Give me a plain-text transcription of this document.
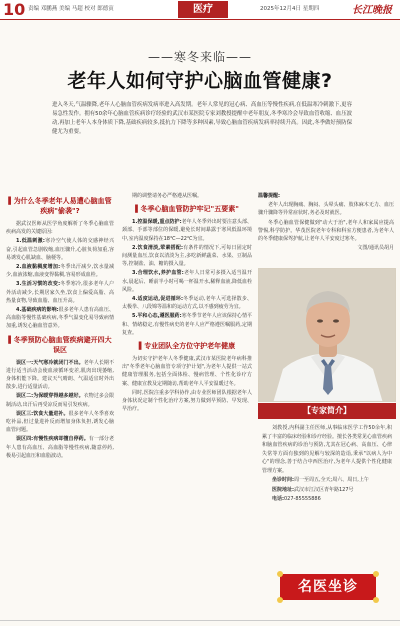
10 责编 邓鹏燕 美编 马超 校对 郎德寅	医疗	2025年12月4日 星期四	长江晚报
——寒冬来临——
老年人如何守护心脑血管健康?
进入冬天,气温骤降,老年人心脑血管疾病发病率进入高发期。老年人常见的冠心病、高血压等慢性疾病,在低温寒冷刺激下,更容易急性发作。拥有50余年心脑血管疾病诊疗经验的武汉市某医院专家刘教授提醒中老年朋友,冬季寒冷会导致血管收缩、血压波动,再加上老年人本身体质下降,基础疾病较多,抵抗力下降等多种因素,导致心脑血管疾病发病率持续升高。因此,冬季做好预防保健尤为重要。
▌为什么冬季老年人易遭心脑血管疾病"偷袭"?

据武汉医师从医学角度解析了冬季心脑血管疾病高发的关键原因:

1.低温刺激:寒冷空气使人体的交感神经兴奋,引起血管急剧收缩,血压骤升,心脏负荷加重,容易诱发心肌缺血、脑梗等。

2.血液黏稠度增加:冬季出汗减少,饮水量减少,血液浓缩,血液变得黏稠,容易形成血栓。

3.生活习惯的改变:冬季寒冷,很多老年人户外活动减少,长期居家久坐,饮食上偏爱高脂、高热量食物,导致血脂、血压升高。

4.基础疾病的影响:很多老年人患有高血压、高血脂等慢性基础疾病,冬季气温变化易导致病情加重,诱发心脑血管意外。

▌冬季预防心脑血管疾病避开四大误区

误区一:天气寒冷就闭门不出。老年人长期不进行适当活动会使血液循环变差,肌肉出现萎缩,身体机能下降。建议天气晴朗、气温适宜时外出散步,进行适量活动。

误区二:为保暖穿得越多越好。衣物过多会限制活动,出汗后再受凉反而易引发疾病。

误区三:饮食大量进补。很多老年人冬季喜欢吃补品,但过量进补反而增加身体负担,诱发心脑血管问题。

误区四:有慢性疾病却擅自停药。有一部分老年人患有高血压、高血脂等慢性疾病,随意停药,极易引起血压和血脂波动。

期的调整请务必严格遵从医嘱。

▌冬季心脑血管防护牢记"五要素"

1.控温保暖,重点防护:老年人冬季外出时要注意头部、颈部、手部等部位的保暖,避免长时间暴露于寒风低温环境中,室内温度保持在18℃—22℃为宜。

2.饮食清淡,荤素搭配:有条件的情况下,可每日固定时间测量血压,饮食以清淡为主,多吃新鲜蔬菜、水果、豆制品等,控制盐、油、糖的摄入量。

3.合理饮水,养护血管:老年人日常可多摄入适当温开水,晨起后、睡前半小时可喝一杯温开水,稀释血液,降低血栓风险。

4.适度运动,促进循环:冬季运动,老年人可选择散步、太极拳、八段锦等温和的运动方式,以不感到疲劳为宜。

5.平和心态,遵医服药:寒冬季节老年人应该保持心情平和、情绪稳定,有慢性病史的老年人应严格遵医嘱服药,定期复查。

▌专业团队全方位守护老年健康

为切实守护老年人冬季健康,武汉市某医院老年病科推出"冬季老年心脑血管专项守护计划",为老年人提供一站式健康管理服务,包括全面体检、慢病管理、个性化诊疗方案、健康宣教及定期随访,帮助老年人平安温暖过冬。

同时,医院注重多学科协作,由专业医师团队根据老年人身体状况定制个性化治疗方案,努力做到早预防、早发现、早治疗。

温馨提醒:

老年人出现胸痛、胸闷、头晕头痛、肢体麻木无力、血压骤升骤降等异常症状时,务必及时就医。

冬季心脑血管保健做到"动大于治",老年人和家属应提高警惕,科学防护。华茂医院老年专科和科室方便患者,为老年人的冬季健康保驾护航,让老年人平安度过寒冬。

文图/通讯员胡月

【专家简介】

刘教授,内科副主任医师,从事临床医学工作50余年,积累了丰富的临床经验和诊疗经验。擅长各类常见心血管疾病和脑血管疾病的诊治与预防,尤其在冠心病、高血压、心律失常等方面有独到的见解与较深的造诣,秉承"以病人为中心"的理念,善于结合中西医治疗,为老年人提供个性化健康管理方案。

坐诊时间:周一至周五,全天;周六、周日,上午

医院地址:武汉市江汉区青年路127号

电话:027-85555886

名医坐诊
